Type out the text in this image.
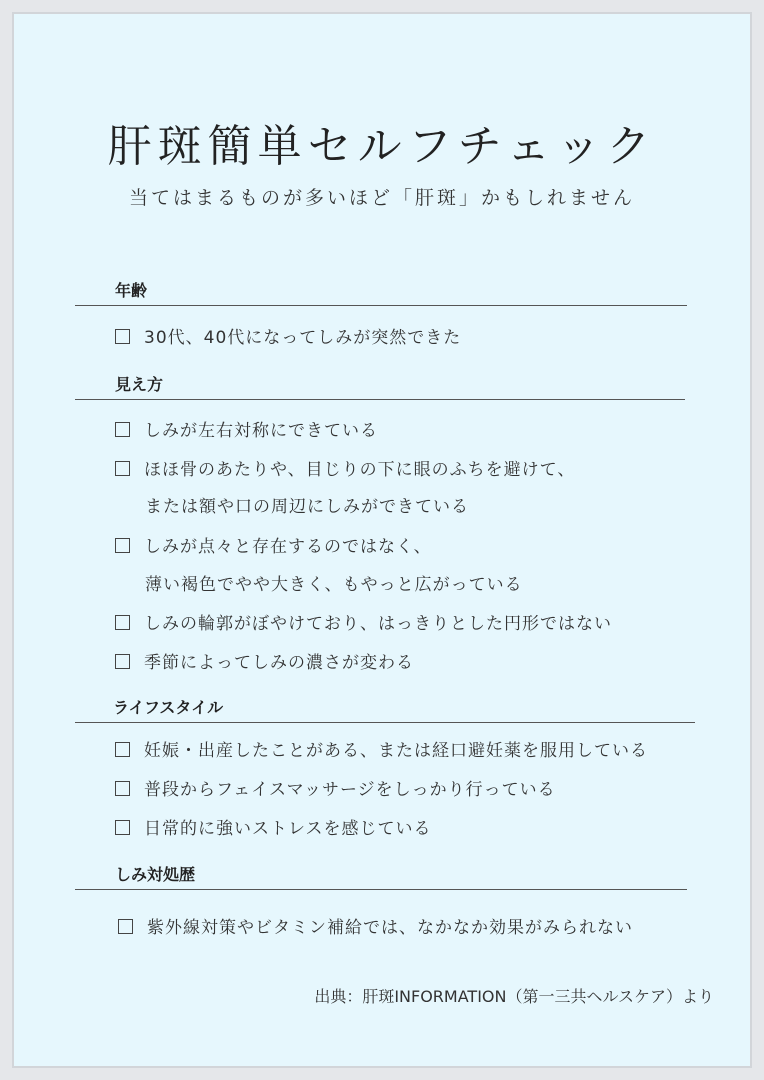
肝斑簡単セルフチェック
当てはまるものが多いほど「肝斑」かもしれません
年齢
30代、40代になってしみが突然できた
見え方
しみが左右対称にできている
ほほ骨のあたりや、目じりの下に眼のふちを避けて、
または額や口の周辺にしみができている
しみが点々と存在するのではなく、
薄い褐色でやや大きく、もやっと広がっている
しみの輪郭がぼやけており、はっきりとした円形ではない
季節によってしみの濃さが変わる
ライフスタイル
妊娠・出産したことがある、または経口避妊薬を服用している
普段からフェイスマッサージをしっかり行っている
日常的に強いストレスを感じている
しみ対処歴
紫外線対策やビタミン補給では、なかなか効果がみられない
出典：肝斑INFORMATION（第一三共ヘルスケア）より
